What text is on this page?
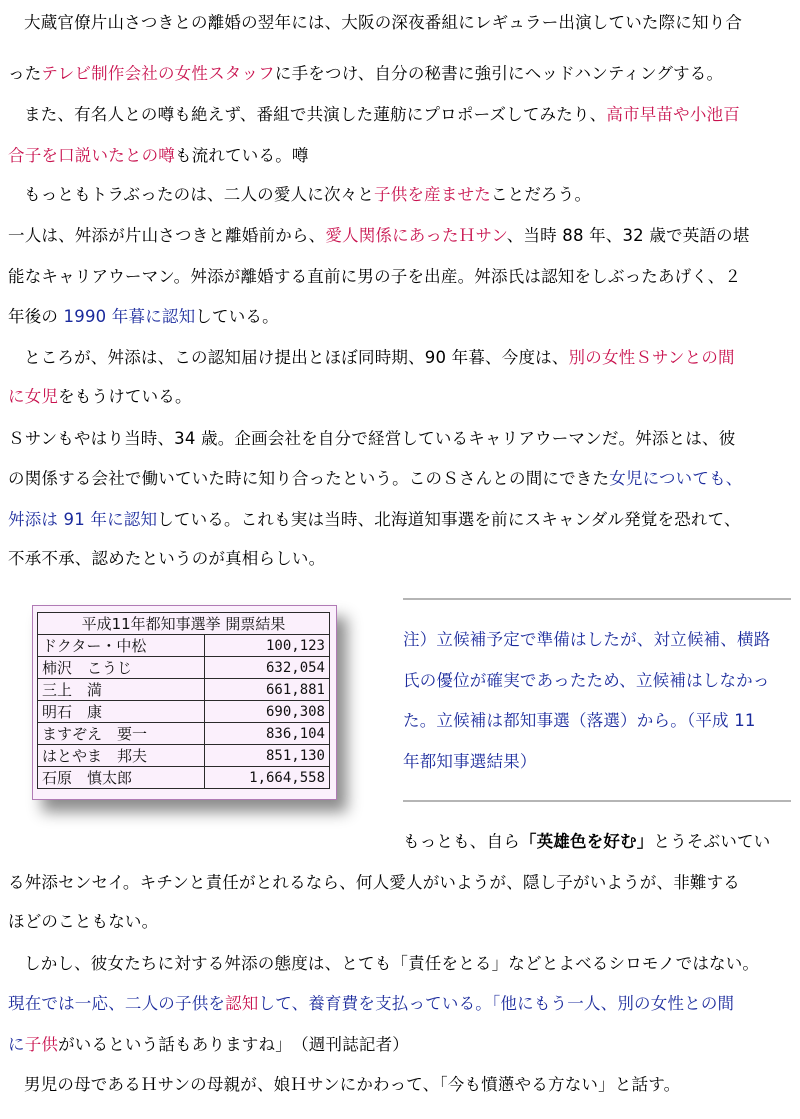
大蔵官僚片山さつきとの離婚の翌年には、大阪の深夜番組にレギュラー出演していた際に知り合
ったテレビ制作会社の女性スタッフに手をつけ、自分の秘書に強引にヘッドハンティングする。
また、有名人との噂も絶えず、番組で共演した蓮舫にプロポーズしてみたり、高市早苗や小池百
合子を口説いたとの噂も流れている。噂
もっともトラぶったのは、二人の愛人に次々と子供を産ませたことだろう。
一人は、舛添が片山さつきと離婚前から、愛人関係にあったＨサン、当時 88 年、32 歳で英語の堪
能なキャリアウーマン。舛添が離婚する直前に男の子を出産。舛添氏は認知をしぶったあげく、２
年後の 1990 年暮に認知している。
ところが、舛添は、この認知届け提出とほぼ同時期、90 年暮、今度は、別の女性Ｓサンとの間
に女児をもうけている。
Ｓサンもやはり当時、34 歳。企画会社を自分で経営しているキャリアウーマンだ。舛添とは、彼
の関係する会社で働いていた時に知り合ったという。このＳさんとの間にできた女児についても、
舛添は 91 年に認知している。これも実は当時、北海道知事選を前にスキャンダル発覚を恐れて、
不承不承、認めたというのが真相らしい。
平成11年都知事選挙 開票結果	
ドクター・中松	100,123
柿沢　こうじ	632,054
三上　満	661,881
明石　康	690,308
ますぞえ　要一	836,104
はとやま　邦夫	851,130
石原　慎太郎	1,664,558
注）立候補予定で準備はしたが、対立候補、横路
氏の優位が確実であったため、立候補はしなかっ
た。立候補は都知事選（落選）から。（平成 11
年都知事選結果）
もっとも、自ら「英雄色を好む」とうそぶいてい
る舛添センセイ。キチンと責任がとれるなら、何人愛人がいようが、隠し子がいようが、非難する
ほどのこともない。
しかし、彼女たちに対する舛添の態度は、とても「責任をとる」などとよべるシロモノではない。
現在では一応、二人の子供を認知して、養育費を支払っている。「他にもう一人、別の女性との間
に子供がいるという話もありますね」　（週刊誌記者）
男児の母であるＨサンの母親が、娘Ｈサンにかわって、「今も憤懣やる方ない」と話す。
